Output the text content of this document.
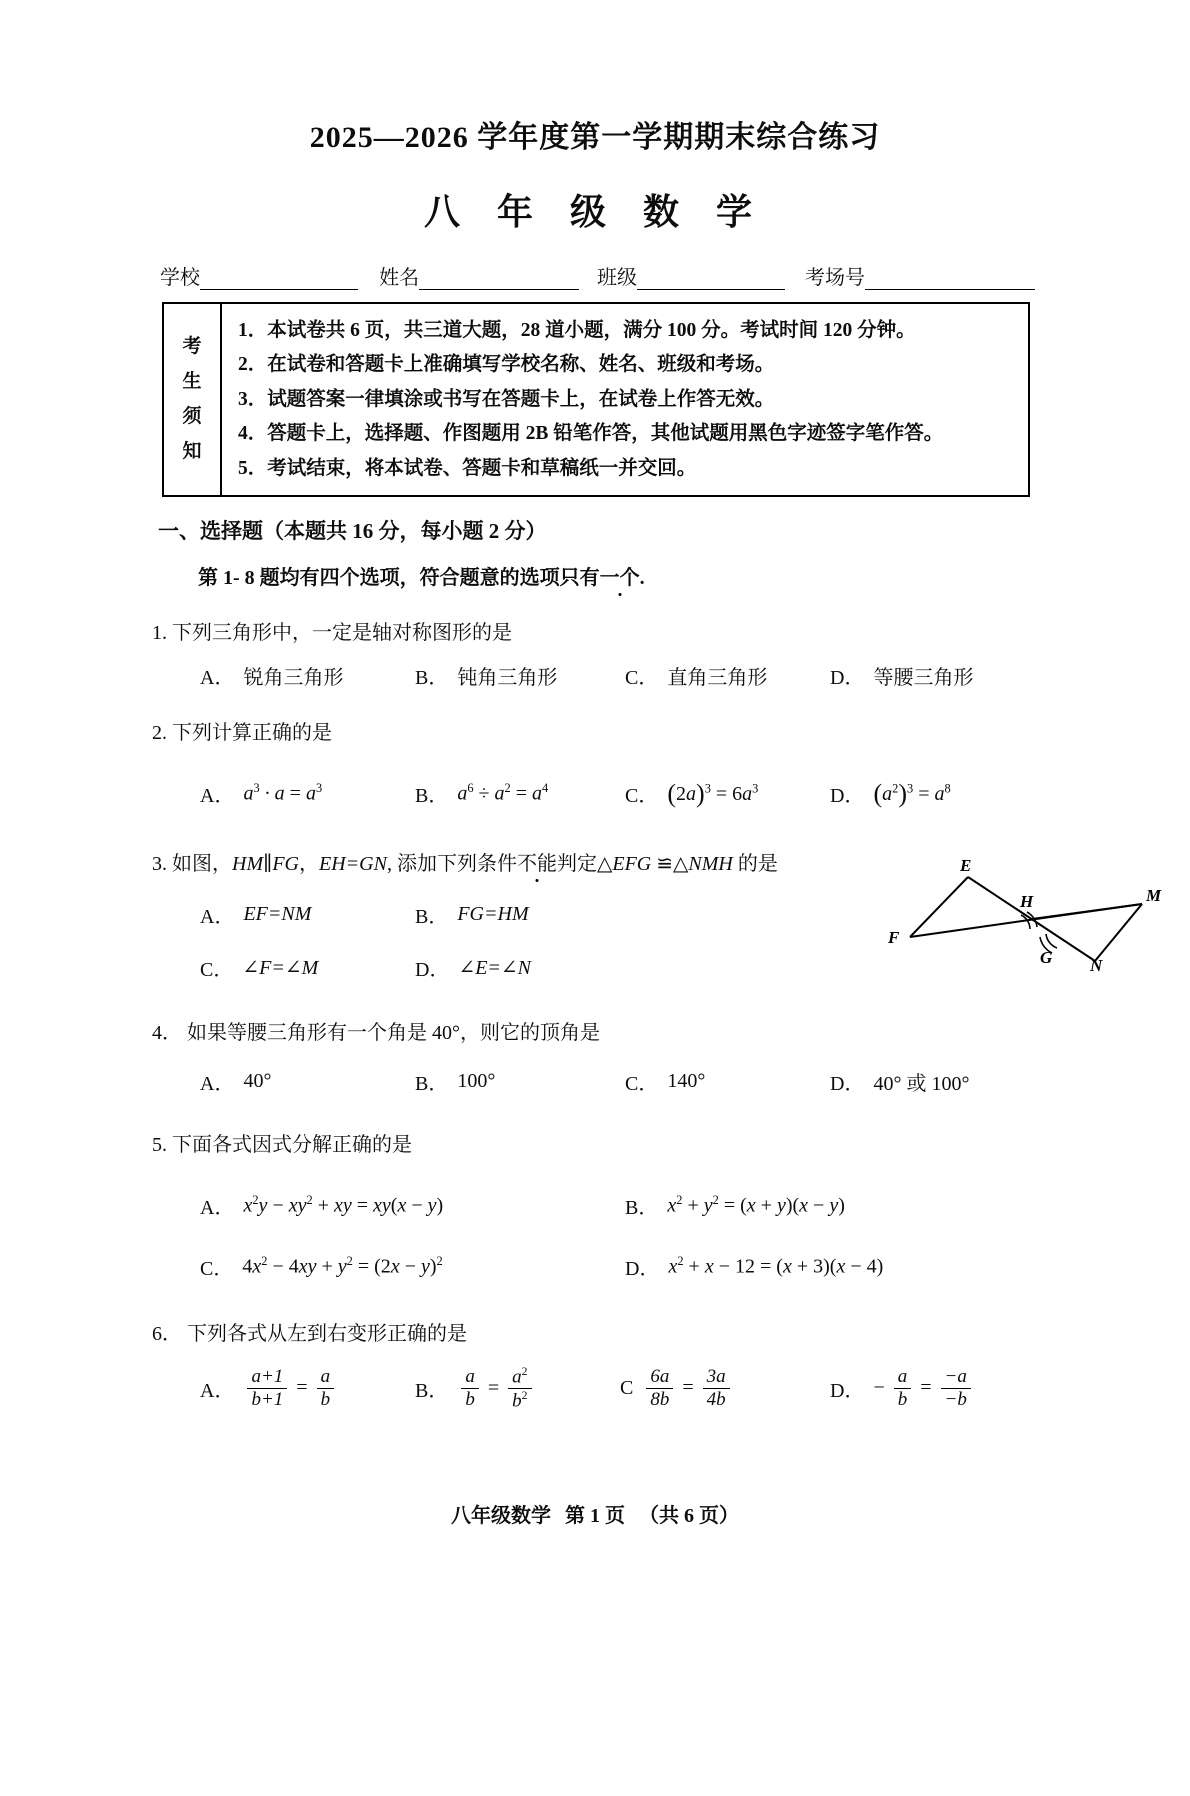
2025—2026 学年度第一学期期末综合练习
八 年 级 数 学
学校	姓名	班级	考场号
考
生
须
知
1．本试卷共 6 页，共三道大题，28 道小题，满分 100 分。考试时间 120 分钟。
2．在试卷和答题卡上准确填写学校名称、姓名、班级和考场。
3．试题答案一律填涂或书写在答题卡上，在试卷上作答无效。
4．答题卡上，选择题、作图题用 2B 铅笔作答，其他试题用黑色字迹签字笔作答。
5．考试结束，将本试卷、答题卡和草稿纸一并交回。
一、选择题（本题共 16 分，每小题 2 分）
第 1- 8 题均有四个选项，符合题意的选项只有一个.
1. 下列三角形中，一定是轴对称图形的是
A． 锐角三角形	B． 钝角三角形	C． 直角三角形	D． 等腰三角形
2. 下列计算正确的是
A． $a^3 \cdot a = a^3$	B． $a^6 \div a^2 = a^4$	C． $(2a)^3 = 6a^3$	D． $(a^2)^3 = a^8$
3. 如图，HM∥FG，EH=GN, 添加下列条件不能判定△EFG ≌△NMH 的是
A． EF=NM	B． FG=HM
C． ∠F=∠M	D． ∠E=∠N
E
H	M
F
G N
4． 如果等腰三角形有一个角是 40°，则它的顶角是
A． 40°	B． 100°	C． 140°	D． 40° 或 100°
5. 下面各式因式分解正确的是
A． $x^2y - xy^2$ + xy = xy(x − y)	B． $x^2 + y^2 = (x + y)(x - y)$
C． $4x^2 - 4xy + y^2 = (2x - y)^2$	D． $x^2 + x - 12 = (x + 3)(x - 4)$
6． 下列各式从左到右变形正确的是
A． $\frac{a+1}{b+1} = \frac{a}{b}$	B． $\frac{a}{b} = \frac{a^2}{b^2}$	C $\frac{6a}{8b} = \frac{3a}{4b}$	D． − $\frac{a}{b} = \frac{-a}{-b}$
八年级数学 第 1 页 （共 6 页）
